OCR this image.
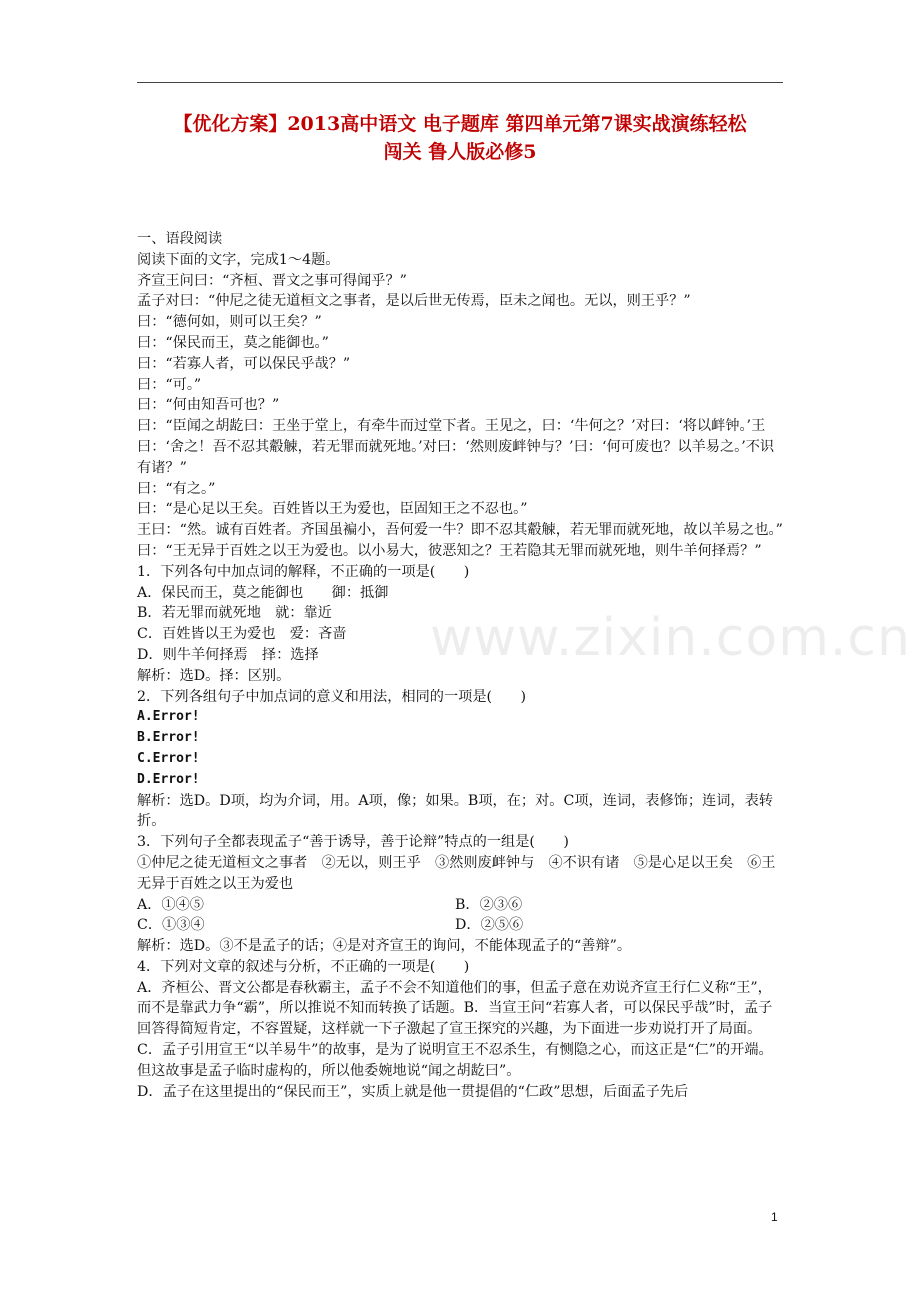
【优化方案】2013高中语文 电子题库 第四单元第7课实战演练轻松
闯关 鲁人版必修5
www.zixin.com.cn
一、语段阅读
阅读下面的文字，完成1～4题。
齐宣王问曰：“齐桓、晋文之事可得闻乎？”
孟子对曰：“仲尼之徒无道桓文之事者，是以后世无传焉，臣未之闻也。无以，则王乎？”
曰：“德何如，则可以王矣？”
曰：“保民而王，莫之能御也。”
曰：“若寡人者，可以保民乎哉？”
曰：“可。”
曰：“何由知吾可也？”
曰：“臣闻之胡龁曰：王坐于堂上，有牵牛而过堂下者。王见之，曰：‘牛何之？’对曰：‘将以衅钟。’王曰：‘舍之！吾不忍其觳觫，若无罪而就死地。’对曰：‘然则废衅钟与？’曰：‘何可废也？以羊易之。’不识有诸？”
曰：“有之。”
曰：“是心足以王矣。百姓皆以王为爱也，臣固知王之不忍也。”
王曰：“然。诚有百姓者。齐国虽褊小，吾何爱一牛？即不忍其觳觫，若无罪而就死地，故以羊易之也。”
曰：“王无异于百姓之以王为爱也。以小易大，彼恶知之？王若隐其无罪而就死地，则牛羊何择焉？”
1．下列各句中加点词的解释，不正确的一项是(　　)
A．保民而王，莫之能御也　　御：抵御
B．若无罪而就死地　就：靠近
C．百姓皆以王为爱也　爱：吝啬
D．则牛羊何择焉　择：选择
解析：选D。择：区别。
2．下列各组句子中加点词的意义和用法，相同的一项是(　　)
A.Error!
B.Error!
C.Error!
D.Error!
解析：选D。D项，均为介词，用。A项，像；如果。B项，在；对。C项，连词，表修饰；连词，表转折。
3．下列句子全都表现孟子“善于诱导，善于论辩”特点的一组是(　　)
①仲尼之徒无道桓文之事者　②无以，则王乎　③然则废衅钟与　④不识有诸　⑤是心足以王矣　⑥王无异于百姓之以王为爱也
A．①④⑤	B．②③⑥
C．①③④	D．②⑤⑥
解析：选D。③不是孟子的话；④是对齐宣王的询问，不能体现孟子的“善辩”。
4．下列对文章的叙述与分析，不正确的一项是(　　)
A．齐桓公、晋文公都是春秋霸主，孟子不会不知道他们的事，但孟子意在劝说齐宣王行仁义称“王”，而不是靠武力争“霸”，所以推说不知而转换了话题。B．当宣王问“若寡人者，可以保民乎哉”时，孟子回答得简短肯定，不容置疑，这样就一下子激起了宣王探究的兴趣，为下面进一步劝说打开了局面。
C．孟子引用宣王“以羊易牛”的故事，是为了说明宣王不忍杀生，有恻隐之心，而这正是“仁”的开端。但这故事是孟子临时虚构的，所以他委婉地说“闻之胡龁曰”。
D．孟子在这里提出的“保民而王”，实质上就是他一贯提倡的“仁政”思想，后面孟子先后
1
